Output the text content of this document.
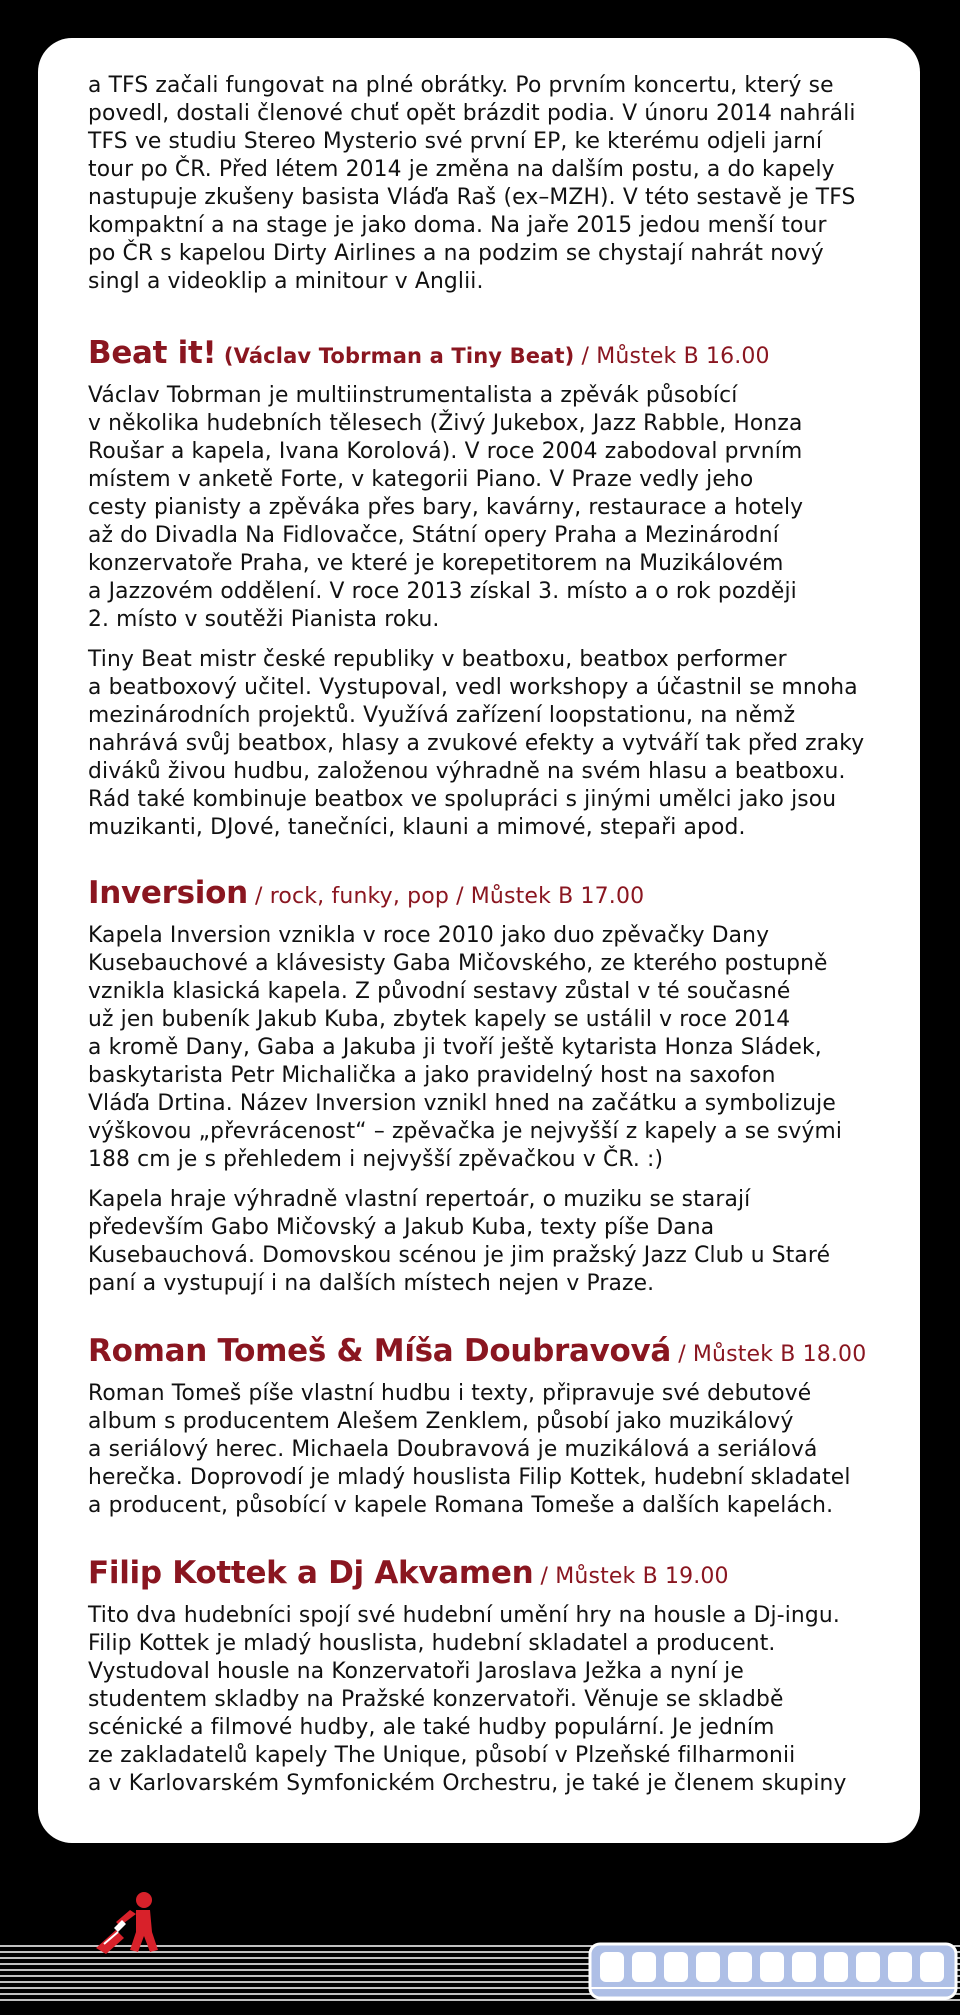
a TFS začali fungovat na plné obrátky. Po prvním koncertu, který se
povedl, dostali členové chuť opět brázdit podia. V únoru 2014 nahráli
TFS ve studiu Stereo Mysterio své první EP, ke kterému odjeli jarní
tour po ČR. Před létem 2014 je změna na dalším postu, a do kapely
nastupuje zkušeny basista Vláďa Raš (ex–MZH). V této sestavě je TFS
kompaktní a na stage je jako doma. Na jaře 2015 jedou menší tour
po ČR s kapelou Dirty Airlines a na podzim se chystají nahrát nový
singl a videoklip a minitour v Anglii.

Beat it! (Václav Tobrman a Tiny Beat) / Můstek B 16.00

Václav Tobrman je multiinstrumentalista a zpěvák působící
v několika hudebních tělesech (Živý Jukebox, Jazz Rabble, Honza
Roušar a kapela, Ivana Korolová). V roce 2004 zabodoval prvním
místem v anketě Forte, v kategorii Piano. V Praze vedly jeho
cesty pianisty a zpěváka přes bary, kavárny, restaurace a hotely
až do Divadla Na Fidlovačce, Státní opery Praha a Mezinárodní
konzervatoře Praha, ve které je korepetitorem na Muzikálovém
a Jazzovém oddělení. V roce 2013 získal 3. místo a o rok později
2. místo v soutěži Pianista roku.

Tiny Beat mistr české republiky v beatboxu, beatbox performer
a beatboxový učitel. Vystupoval, vedl workshopy a účastnil se mnoha
mezinárodních projektů. Využívá zařízení loopstationu, na němž
nahrává svůj beatbox, hlasy a zvukové efekty a vytváří tak před zraky
diváků živou hudbu, založenou výhradně na svém hlasu a beatboxu.
Rád také kombinuje beatbox ve spolupráci s jinými umělci jako jsou
muzikanti, DJové, tanečníci, klauni a mimové, stepaři apod.

Inversion / rock, funky, pop / Můstek B 17.00

Kapela Inversion vznikla v roce 2010 jako duo zpěvačky Dany
Kusebauchové a klávesisty Gaba Mičovského, ze kterého postupně
vznikla klasická kapela. Z původní sestavy zůstal v té současné
už jen bubeník Jakub Kuba, zbytek kapely se ustálil v roce 2014
a kromě Dany, Gaba a Jakuba ji tvoří ještě kytarista Honza Sládek,
baskytarista Petr Michalička a jako pravidelný host na saxofon
Vláďa Drtina. Název Inversion vznikl hned na začátku a symbolizuje
výškovou „převrácenost“ – zpěvačka je nejvyšší z kapely a se svými
188 cm je s přehledem i nejvyšší zpěvačkou v ČR. :)

Kapela hraje výhradně vlastní repertoár, o muziku se starají
především Gabo Mičovský a Jakub Kuba, texty píše Dana
Kusebauchová. Domovskou scénou je jim pražský Jazz Club u Staré
paní a vystupují i na dalších místech nejen v Praze.

Roman Tomeš & Míša Doubravová / Můstek B 18.00

Roman Tomeš píše vlastní hudbu i texty, připravuje své debutové
album s producentem Alešem Zenklem, působí jako muzikálový
a seriálový herec. Michaela Doubravová je muzikálová a seriálová
herečka. Doprovodí je mladý houslista Filip Kottek, hudební skladatel
a producent, působící v kapele Romana Tomeše a dalších kapelách.

Filip Kottek a Dj Akvamen / Můstek B 19.00

Tito dva hudebníci spojí své hudební umění hry na housle a Dj-ingu.
Filip Kottek je mladý houslista, hudební skladatel a producent.
Vystudoval housle na Konzervatoři Jaroslava Ježka a nyní je
studentem skladby na Pražské konzervatoři. Věnuje se skladbě
scénické a filmové hudby, ale také hudby populární. Je jedním
ze zakladatelů kapely The Unique, působí v Plzeňské filharmonii
a v Karlovarském Symfonickém Orchestru, je také je členem skupiny
